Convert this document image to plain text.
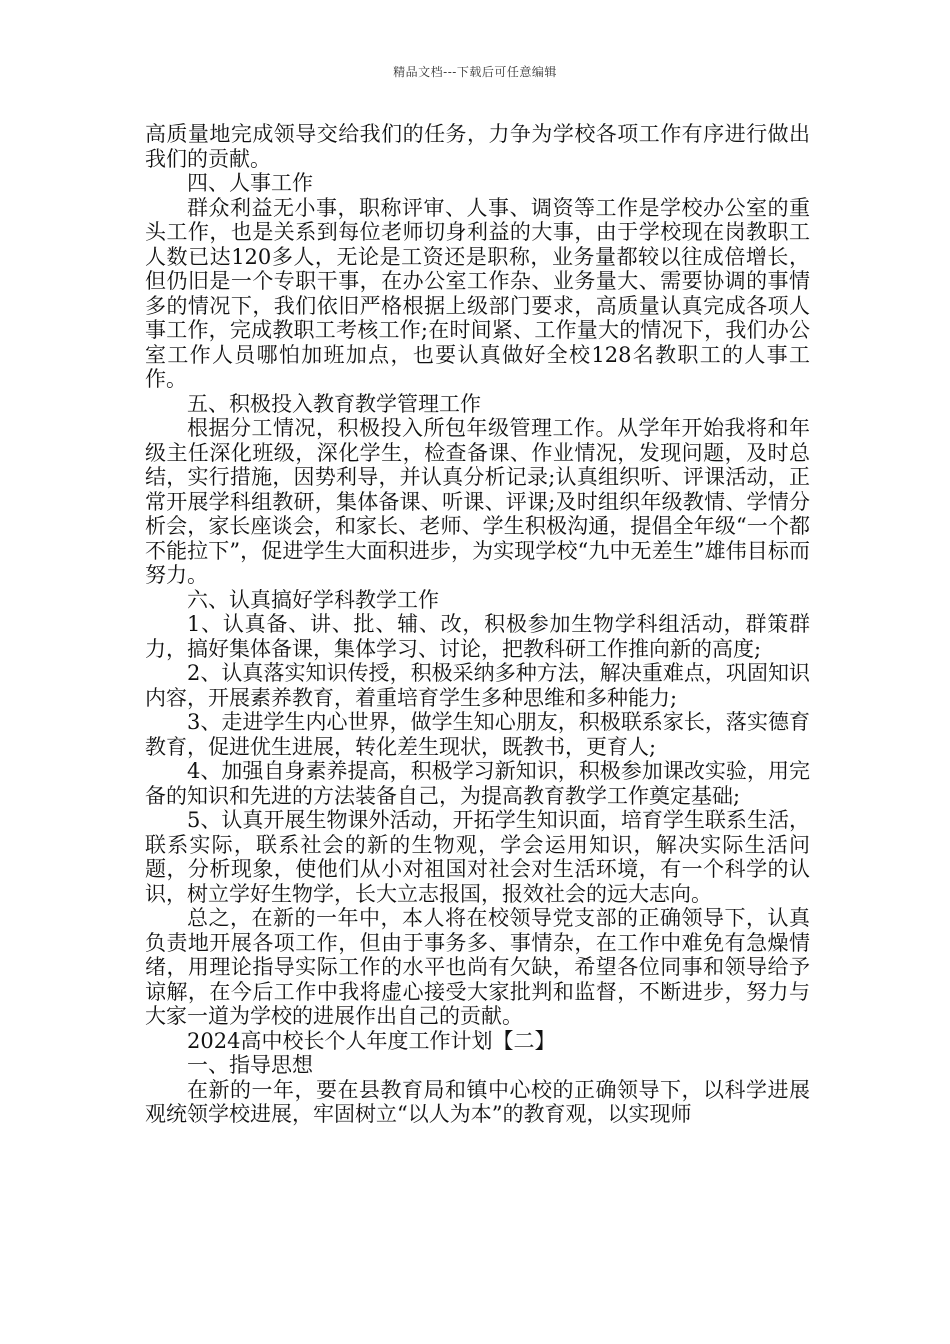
精品文档---下载后可任意编辑

高质量地完成领导交给我们的任务，力争为学校各项工作有序进行做出我们的贡献。

四、人事工作

群众利益无小事，职称评审、人事、调资等工作是学校办公室的重头工作，也是关系到每位老师切身利益的大事，由于学校现在岗教职工人数已达120多人，无论是工资还是职称，业务量都较以往成倍增长，但仍旧是一个专职干事，在办公室工作杂、业务量大、需要协调的事情多的情况下，我们依旧严格根据上级部门要求，高质量认真完成各项人事工作，完成教职工考核工作;在时间紧、工作量大的情况下，我们办公室工作人员哪怕加班加点，也要认真做好全校128名教职工的人事工作。

五、积极投入教育教学管理工作

根据分工情况，积极投入所包年级管理工作。从学年开始我将和年级主任深化班级，深化学生，检查备课、作业情况，发现问题，及时总结，实行措施，因势利导，并认真分析记录;认真组织听、评课活动，正常开展学科组教研，集体备课、听课、评课;及时组织年级教情、学情分析会，家长座谈会，和家长、老师、学生积极沟通，提倡全年级“一个都不能拉下”，促进学生大面积进步，为实现学校“九中无差生”雄伟目标而努力。

六、认真搞好学科教学工作

1、认真备、讲、批、辅、改，积极参加生物学科组活动，群策群力，搞好集体备课，集体学习、讨论，把教科研工作推向新的高度;

2、认真落实知识传授，积极采纳多种方法，解决重难点，巩固知识内容，开展素养教育，着重培育学生多种思维和多种能力;

3、走进学生内心世界，做学生知心朋友，积极联系家长，落实德育教育，促进优生进展，转化差生现状，既教书，更育人;

4、加强自身素养提高，积极学习新知识，积极参加课改实验，用完备的知识和先进的方法装备自己，为提高教育教学工作奠定基础;

5、认真开展生物课外活动，开拓学生知识面，培育学生联系生活，联系实际，联系社会的新的生物观，学会运用知识，解决实际生活问题，分析现象，使他们从小对祖国对社会对生活环境，有一个科学的认识，树立学好生物学，长大立志报国，报效社会的远大志向。

总之，在新的一年中，本人将在校领导党支部的正确领导下，认真负责地开展各项工作，但由于事务多、事情杂，在工作中难免有急燥情绪，用理论指导实际工作的水平也尚有欠缺，希望各位同事和领导给予谅解，在今后工作中我将虚心接受大家批判和监督，不断进步，努力与大家一道为学校的进展作出自己的贡献。

2024高中校长个人年度工作计划【二】

一、指导思想

在新的一年，要在县教育局和镇中心校的正确领导下，以科学进展观统领学校进展，牢固树立“以人为本”的教育观，以实现师
